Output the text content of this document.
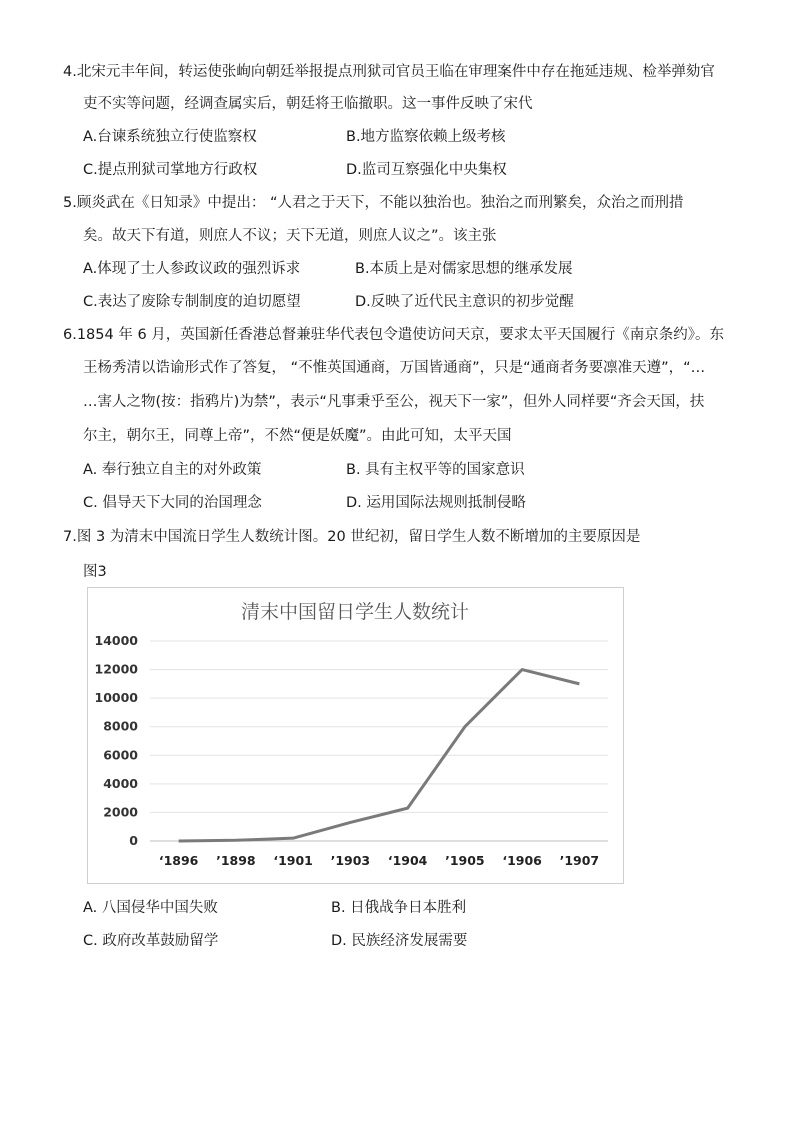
4.北宋元丰年间，转运使张峋向朝廷举报提点刑狱司官员王临在审理案件中存在拖延违规、检举弹劾官
吏不实等问题，经调查属实后，朝廷将王临撤职。这一事件反映了宋代
A.台谏系统独立行使监察权	B.地方监察依赖上级考核
C.提点刑狱司掌地方行政权	D.监司互察强化中央集权
5.顾炎武在《日知录》中提出： “人君之于天下，不能以独治也。独治之而刑繁矣，众治之而刑措
矣。故天下有道，则庶人不议；天下无道，则庶人议之”。该主张
A.体现了士人参政议政的强烈诉求	B.本质上是对儒家思想的继承发展
C.表达了废除专制制度的迫切愿望	D.反映了近代民主意识的初步觉醒
6.1854 年 6 月，英国新任香港总督兼驻华代表包令遣使访问天京，要求太平天国履行《南京条约》。东
王杨秀清以诰谕形式作了答复， “不惟英国通商，万国皆通商”，只是“通商者务要凛准天遵”，“…
…害人之物(按：指鸦片)为禁”，表示“凡事秉乎至公，视天下一家”，但外人同样要“齐会天国，扶
尔主，朝尔王，同尊上帝”，不然“便是妖魔”。由此可知，太平天国
A. 奉行独立自主的对外政策	B. 具有主权平等的国家意识
C. 倡导天下大同的治国理念	D. 运用国际法规则抵制侵略
7.图 3 为清末中国流日学生人数统计图。20 世纪初，留日学生人数不断增加的主要原因是
图3
清末中国留日学生人数统计
0
2000
4000
6000
8000
10000
12000
14000
‘1896 ’1898 ‘1901 ’1903 ‘1904 ’1905 ‘1906 ’1907
A. 八国侵华中国失败	B. 日俄战争日本胜利
C. 政府改革鼓励留学	D. 民族经济发展需要
